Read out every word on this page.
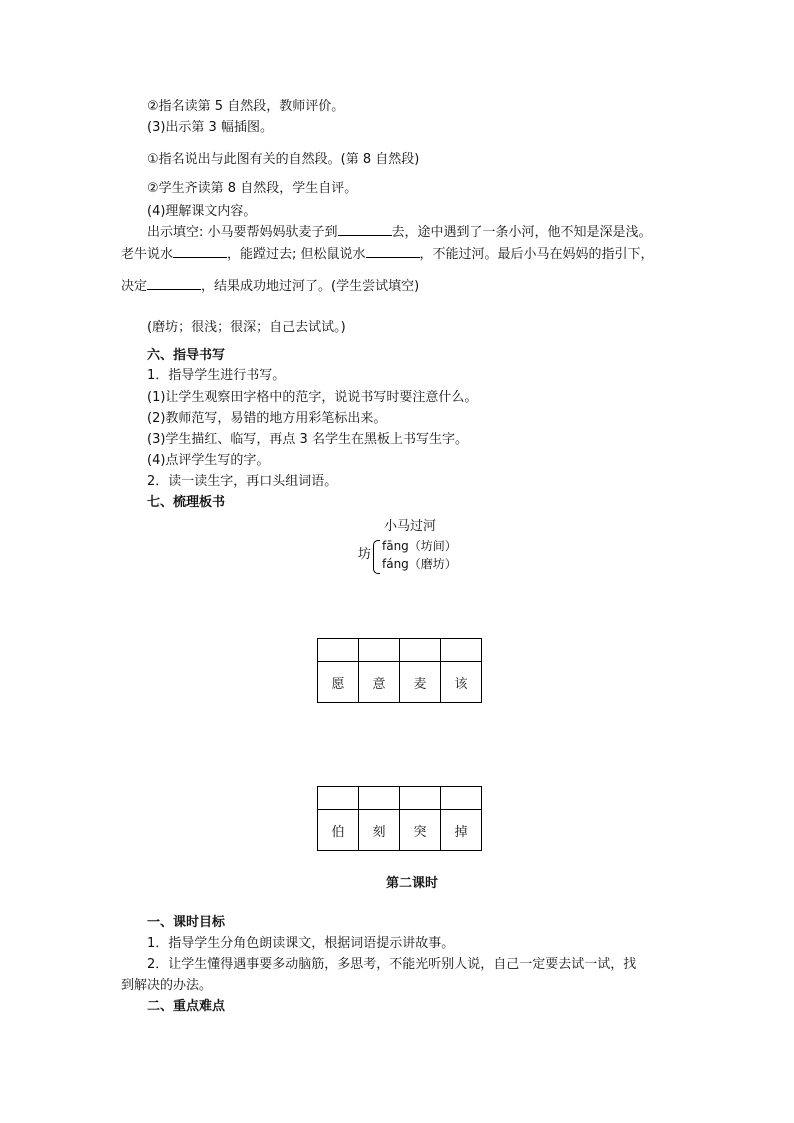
②指名读第 5 自然段，教师评价。
(3)出示第 3 幅插图。
①指名说出与此图有关的自然段。(第 8 自然段)
②学生齐读第 8 自然段，学生自评。
(4)理解课文内容。
出示填空: 小马要帮妈妈驮麦子到	去，途中遇到了一条小河，他不知是深是浅。
老牛说水	，能蹚过去; 但松鼠说水	，不能过河。最后小马在妈妈的指引下，
决定	，结果成功地过河了。(学生尝试填空)
(磨坊；很浅；很深；自己去试试。)
六、指导书写
1．指导学生进行书写。
(1)让学生观察田字格中的范字，说说书写时要注意什么。
(2)教师范写，易错的地方用彩笔标出来。
(3)学生描红、临写，再点 3 名学生在黑板上书写生字。
(4)点评学生写的字。
2．读一读生字，再口头组词语。
七、梳理板书
小马过河
坊
fāng（坊间）
fáng（磨坊）

愿	意	麦	该

伯	刻	突	掉
第二课时
一、课时目标
1．指导学生分角色朗读课文，根据词语提示讲故事。
2．让学生懂得遇事要多动脑筋，多思考，不能光听别人说，自己一定要去试一试，找
到解决的办法。
二、重点难点
